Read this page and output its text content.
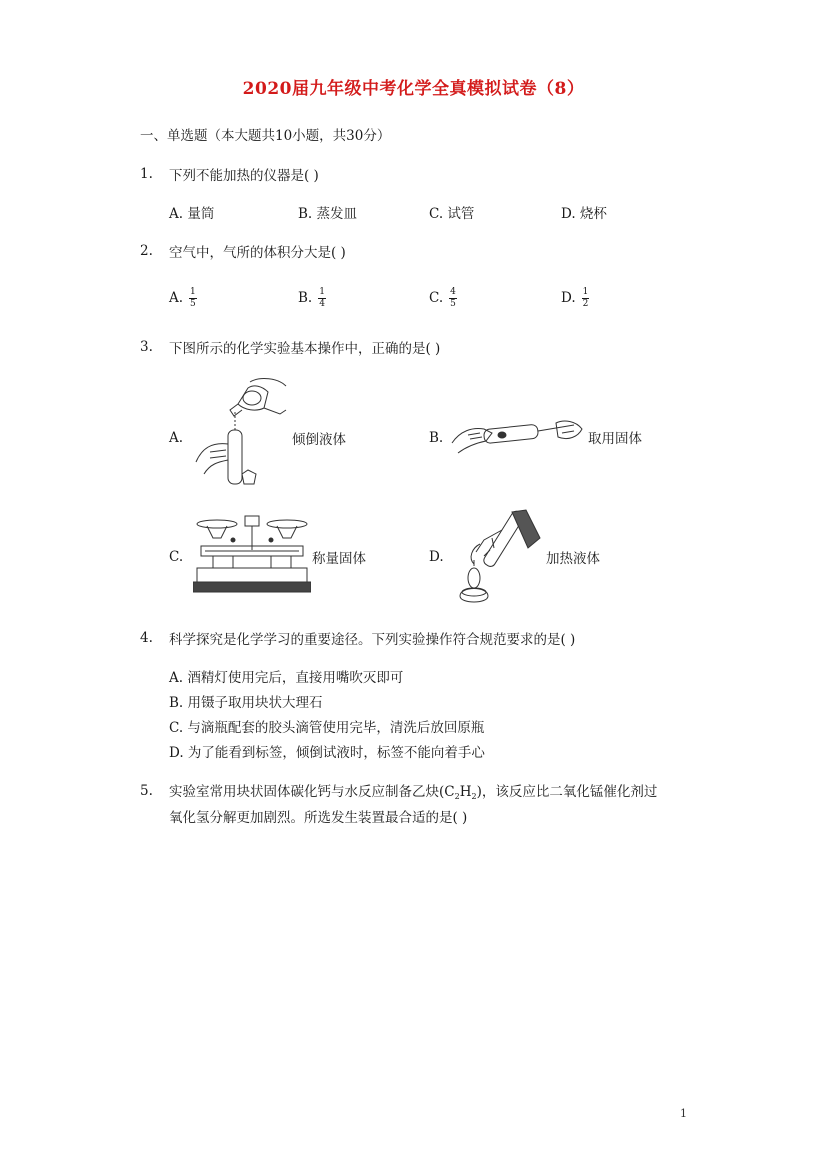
2020届九年级中考化学全真模拟试卷（8）
一、单选题（本大题共10小题，共30分）
1. 下列不能加热的仪器是( )
A. 量筒	B. 蒸发皿	C. 试管	D. 烧杯
2. 空气中，气所的体积分大是( )
A. $\frac{1}{5}$	B. $\frac{1}{4}$	C. $\frac{4}{5}$	D. $\frac{1}{2}$
3. 下图所示的化学实验基本操作中，正确的是( )
A.	倾倒液体	B.	取用固体
C.	称量固体	D.	加热液体
4. 科学探究是化学学习的重要途径。下列实验操作符合规范要求的是( )
A. 酒精灯使用完后，直接用嘴吹灭即可
B. 用镊子取用块状大理石
C. 与滴瓶配套的胶头滴管使用完毕，清洗后放回原瓶
D. 为了能看到标签，倾倒试液时，标签不能向着手心
5. 实验室常用块状固体碳化钙与水反应制备乙炔$(C_2H_2)$，该反应比二氧化锰催化剂过
氧化氢分解更加剧烈。所选发生装置最合适的是( )
1
